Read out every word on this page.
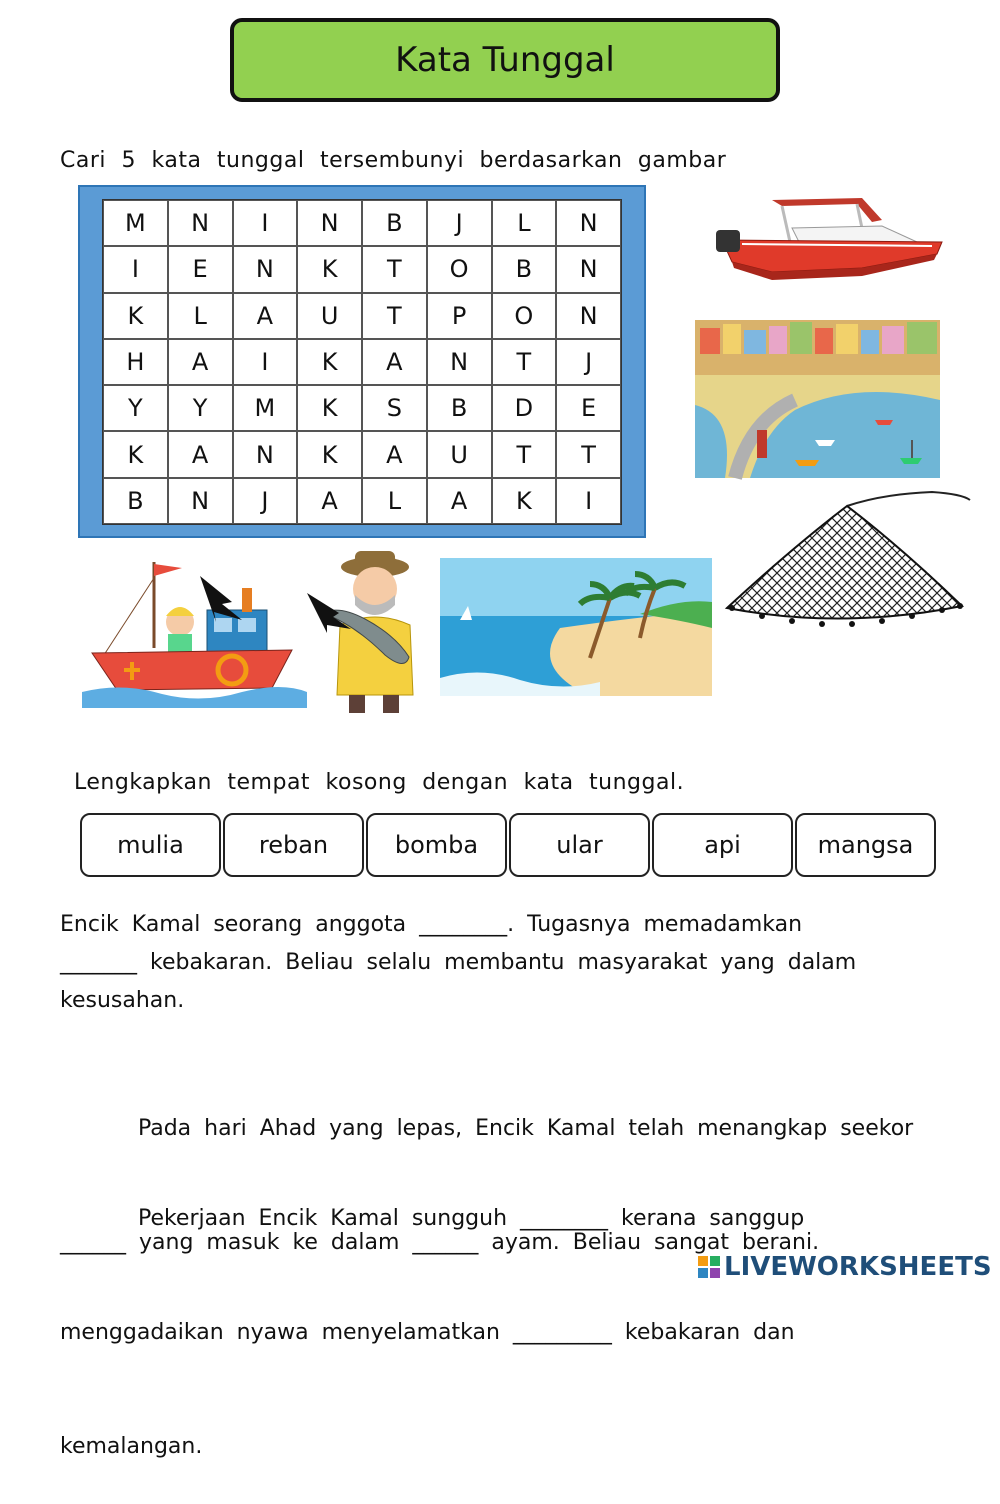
Kata Tunggal
Cari 5 kata tunggal tersembunyi berdasarkan gambar
M	N	I	N	B	J	L	N
I	E	N	K	T	O	B	N
K	L	A	U	T	P	O	N
H	A	I	K	A	N	T	J
Y	Y	M	K	S	B	D	E
K	A	N	K	A	U	T	T
B	N	J	A	L	A	K	I
Lengkapkan tempat kosong dengan kata tunggal.
mulia	reban	bomba	ular	api	mangsa
Encik Kamal seorang anggota ________. Tugasnya memadamkan
_______ kebakaran. Beliau selalu membantu masyarakat yang dalam
kesusahan.

Pada hari Ahad yang lepas, Encik Kamal telah menangkap seekor

______ yang masuk ke dalam ______ ayam. Beliau sangat berani.

Pekerjaan Encik Kamal sungguh ________ kerana sanggup

menggadaikan nyawa menyelamatkan _________ kebakaran dan

kemalangan.

LIVEWORKSHEETS
